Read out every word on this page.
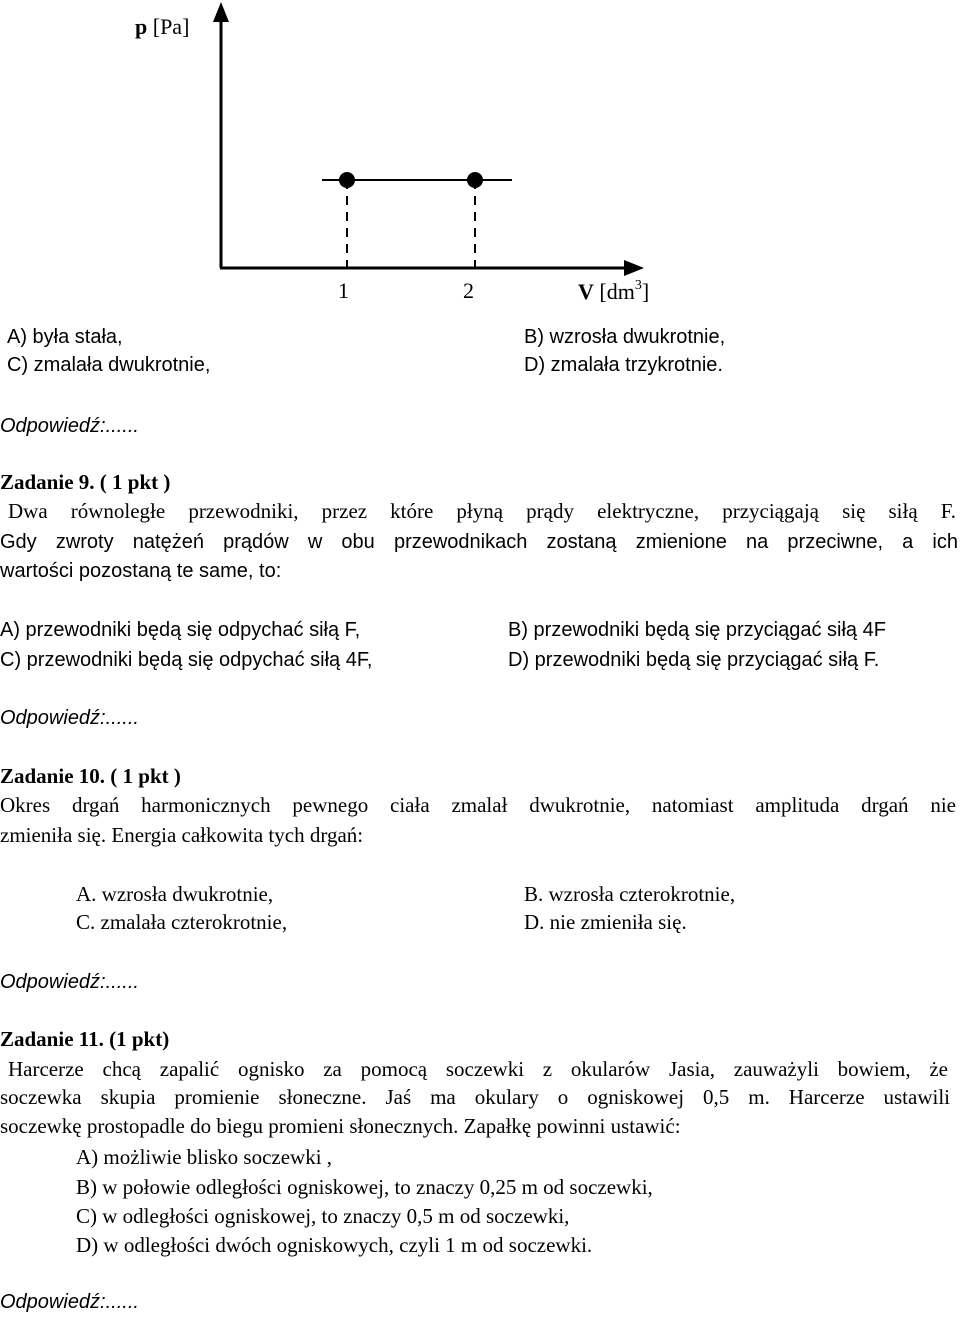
p [Pa]
1	2	V $[dm^3]$
A) była stała,	B) wzrosła dwukrotnie,
C) zmalała dwukrotnie,	D) zmalała trzykrotnie.
Odpowiedź:......
Zadanie 9. ( 1 pkt )
Dwa równoległe przewodniki, przez które płyną prądy elektryczne, przyciągają się siłą F.
Gdy zwroty natężeń prądów w obu przewodnikach zostaną zmienione na przeciwne, a ich
wartości pozostaną te same, to:
A) przewodniki będą się odpychać siłą F,	B) przewodniki będą się przyciągać siłą 4F
C) przewodniki będą się odpychać siłą 4F,	D) przewodniki będą się przyciągać siłą F.
Odpowiedź:......
Zadanie 10. ( 1 pkt )
Okres drgań harmonicznych pewnego ciała zmalał dwukrotnie, natomiast amplituda drgań nie
zmieniła się. Energia całkowita tych drgań:
A. wzrosła dwukrotnie,	B. wzrosła czterokrotnie,
C. zmalała czterokrotnie,	D. nie zmieniła się.
Odpowiedź:......
Zadanie 11. (1 pkt)
Harcerze chcą zapalić ognisko za pomocą soczewki z okularów Jasia, zauważyli bowiem, że
soczewka skupia promienie słoneczne. Jaś ma okulary o ogniskowej 0,5 m. Harcerze ustawili
soczewkę prostopadle do biegu promieni słonecznych. Zapałkę powinni ustawić:
A) możliwie blisko soczewki ,
B) w połowie odległości ogniskowej, to znaczy 0,25 m od soczewki,
C) w odległości ogniskowej, to znaczy 0,5 m od soczewki,
D) w odległości dwóch ogniskowych, czyli 1 m od soczewki.
Odpowiedź:......
